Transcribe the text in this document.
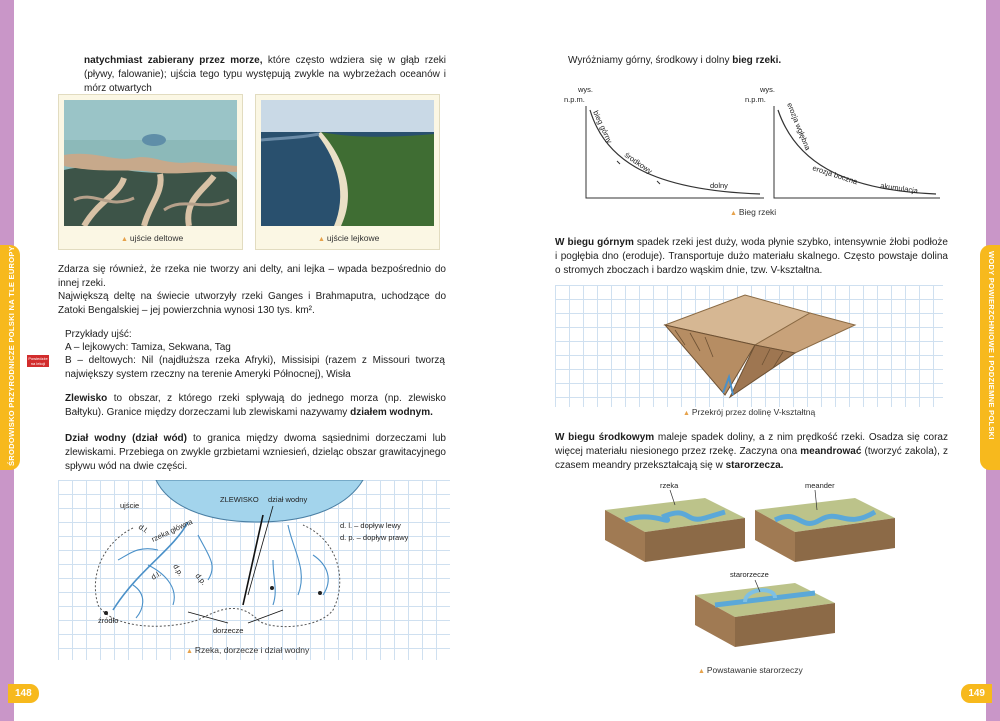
ŚRODOWISKO PRZYRODNICZE POLSKI NA TLE EUROPY	Powiedzże na lekcji
natychmiast zabierany przez morze, które często wdziera się w głąb rzeki (pływy, falowanie); ujścia tego typu występują zwykle na wybrzeżach oceanów i mórz otwartych
▲ ujście deltowe
▲	ujście lejkowe
Zdarza się również, że rzeka nie tworzy ani delty, ani lejka – wpada bezpośrednio do innej rzeki.
Największą deltę na świecie utworzyły rzeki Ganges i Brahmaputra, uchodzące do Zatoki Bengalskiej – jej powierzchnia wynosi 130 tys. km².
Przykłady ujść:
A – lejkowych: Tamiza, Sekwana, Tag
B – deltowych: Nil (najdłuższa rzeka Afryki), Missisipi (razem z Missouri tworzą największy system rzeczny na terenie Ameryki Północnej), Wisła
Zlewisko to obszar, z którego rzeki spływają do jednego morza (np. zlewisko Bałtyku). Granice między dorzeczami lub zlewiskami nazywamy działem wodnym.
Dział wodny (dział wód) to granica między dwoma sąsiednimi dorzeczami lub zlewiskami. Przebiega on zwykle grzbietami wzniesień, dzieląc obszar grawitacyjnego spływu wód na dwie części.
ZLEWISKO dział wodny
ujście
rzeka główna
d.l.
d.p.
d.l.	d.p.
źródło
dorzecze
d. l. – dopływ lewy
d. p. – dopływ prawy
▲ Rzeka, dorzecze i dział wodny
148
WODY POWIERZCHNIOWE I PODZIEMNE POLSKI
Wyróżniamy górny, środkowy i dolny bieg rzeki.
wys.
n.p.m.
bieg górny
środkowy
dolny
wys.
n.p.m.
erozja wgłębna
erozja boczna
akumulacja
▲ Bieg rzeki
W biegu górnym spadek rzeki jest duży, woda płynie szybko, intensywnie żłobi podłoże i pogłębia dno (eroduje). Transportuje dużo materiału skalnego. Często powstaje dolina o stromych zboczach i bardzo wąskim dnie, tzw. V-kształtna.
▲ Przekrój przez dolinę V-kształtną
W biegu środkowym maleje spadek doliny, a z nim prędkość rzeki. Osadza się coraz więcej materiału niesionego przez rzekę. Zaczyna ona meandrować (tworzyć zakola), z czasem meandry przekształcają się w starorzecza.
rzeka	meander
starorzecze
▲ Powstawanie starorzeczy
149
